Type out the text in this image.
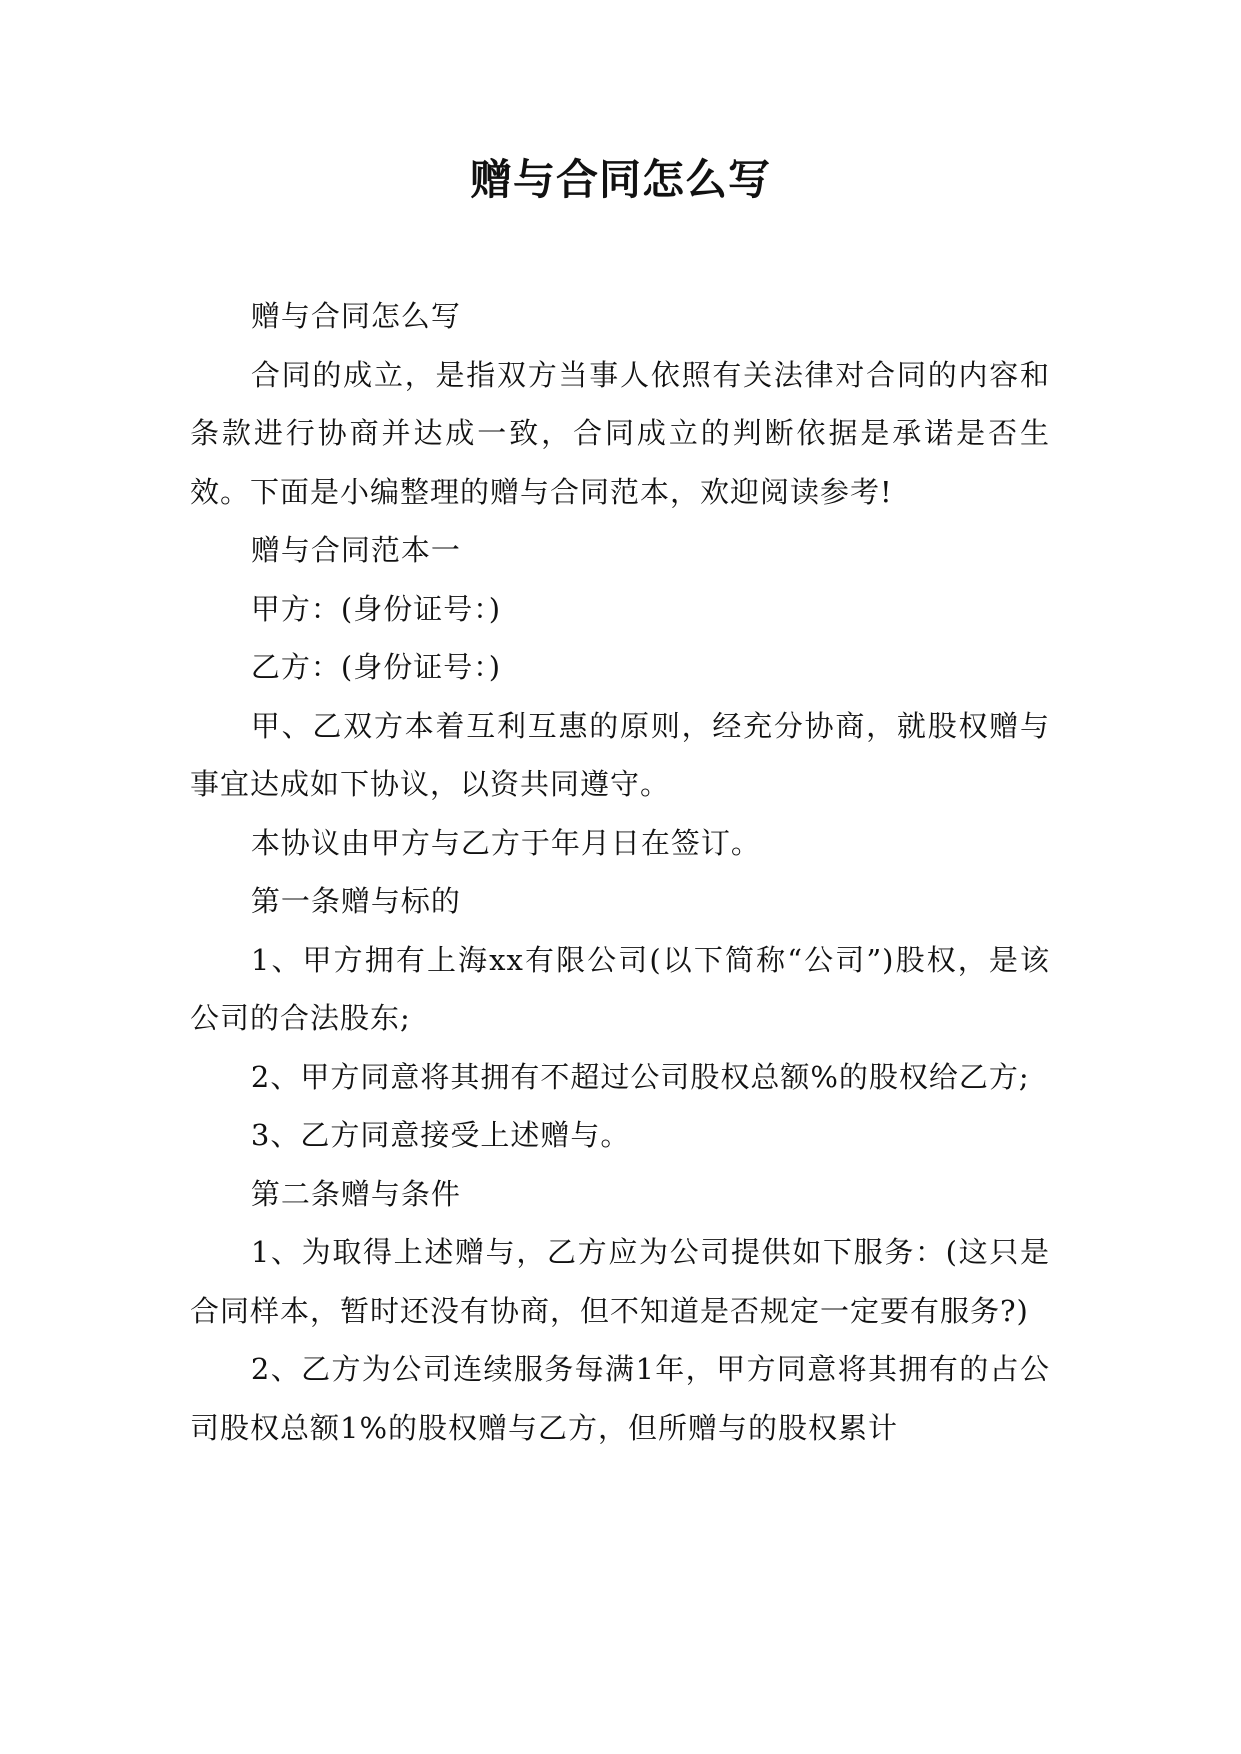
赠与合同怎么写

赠与合同怎么写

合同的成立，是指双方当事人依照有关法律对合同的内容和条款进行协商并达成一致，合同成立的判断依据是承诺是否生效。下面是小编整理的赠与合同范本，欢迎阅读参考!

赠与合同范本一

甲方：(身份证号：)

乙方：(身份证号：)

甲、乙双方本着互利互惠的原则，经充分协商，就股权赠与事宜达成如下协议，以资共同遵守。

本协议由甲方与乙方于年月日在签订。

第一条赠与标的

1、甲方拥有上海xx有限公司(以下简称“公司”)股权，是该公司的合法股东;

2、甲方同意将其拥有不超过公司股权总额%的股权给乙方;

3、乙方同意接受上述赠与。

第二条赠与条件

1、为取得上述赠与，乙方应为公司提供如下服务：(这只是合同样本，暂时还没有协商，但不知道是否规定一定要有服务?)

2、乙方为公司连续服务每满1年，甲方同意将其拥有的占公司股权总额1%的股权赠与乙方，但所赠与的股权累计
